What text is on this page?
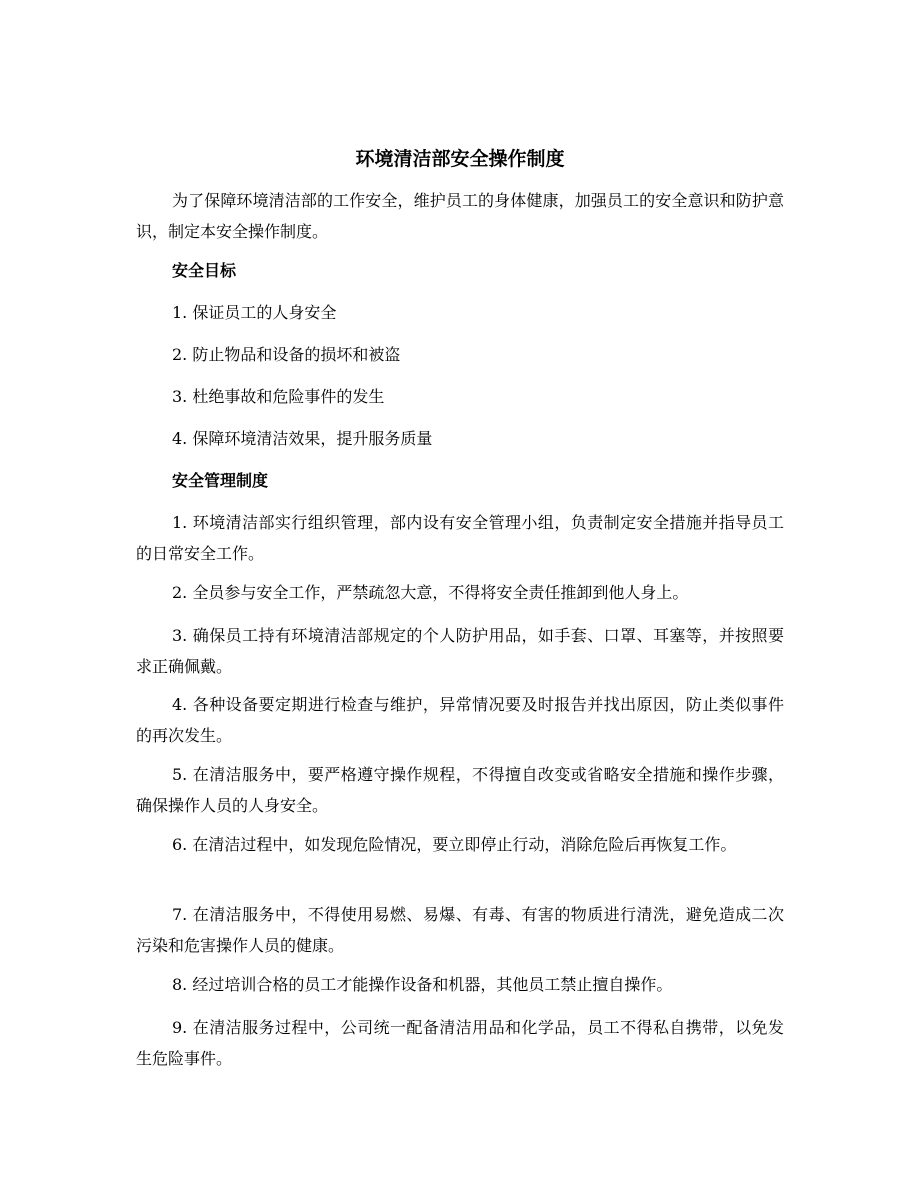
环境清洁部安全操作制度

为了保障环境清洁部的工作安全，维护员工的身体健康，加强员工的安全意识和防护意识，制定本安全操作制度。

安全目标

1. 保证员工的人身安全

2. 防止物品和设备的损坏和被盗

3. 杜绝事故和危险事件的发生

4. 保障环境清洁效果，提升服务质量

安全管理制度

1. 环境清洁部实行组织管理，部内设有安全管理小组，负责制定安全措施并指导员工的日常安全工作。

2. 全员参与安全工作，严禁疏忽大意，不得将安全责任推卸到他人身上。

3. 确保员工持有环境清洁部规定的个人防护用品，如手套、口罩、耳塞等，并按照要求正确佩戴。

4. 各种设备要定期进行检查与维护，异常情况要及时报告并找出原因，防止类似事件的再次发生。

5. 在清洁服务中，要严格遵守操作规程，不得擅自改变或省略安全措施和操作步骤，确保操作人员的人身安全。

6. 在清洁过程中，如发现危险情况，要立即停止行动，消除危险后再恢复工作。

7. 在清洁服务中，不得使用易燃、易爆、有毒、有害的物质进行清洗，避免造成二次污染和危害操作人员的健康。

8. 经过培训合格的员工才能操作设备和机器，其他员工禁止擅自操作。

9. 在清洁服务过程中，公司统一配备清洁用品和化学品，员工不得私自携带，以免发生危险事件。
